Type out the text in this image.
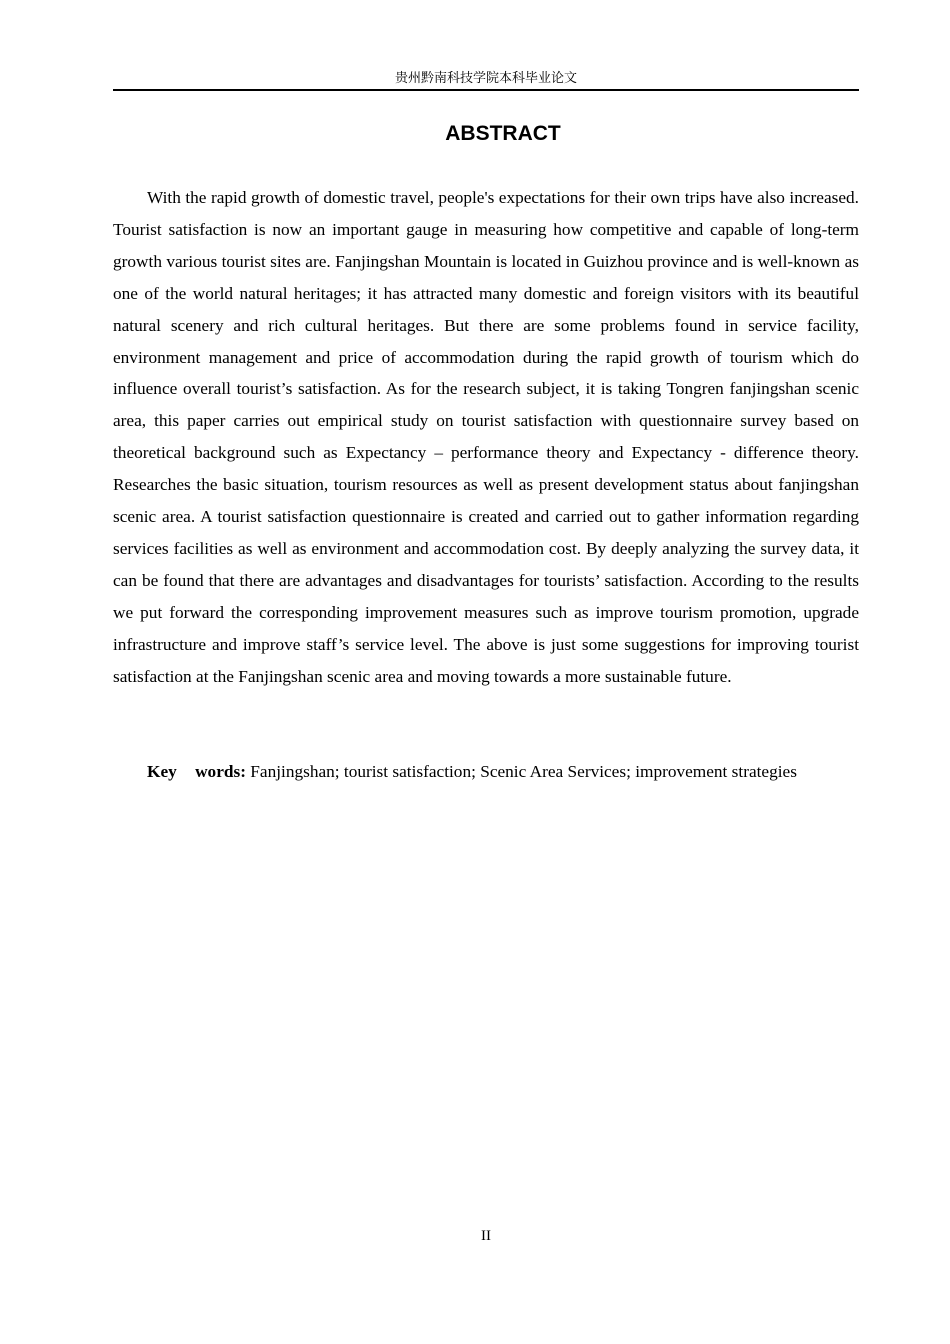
贵州黔南科技学院本科毕业论文
ABSTRACT

With the rapid growth of domestic travel, people's expectations for their own trips have also increased. Tourist satisfaction is now an important gauge in measuring how competitive and capable of long-term growth various tourist sites are. Fanjingshan Mountain is located in Guizhou province and is well-known as one of the world natural heritages; it has attracted many domestic and foreign visitors with its beautiful natural scenery and rich cultural heritages. But there are some problems found in service facility, environment management and price of accommodation during the rapid growth of tourism which do influence overall tourist’s satisfaction. As for the research subject, it is taking Tongren fanjingshan scenic area, this paper carries out empirical study on tourist satisfaction with questionnaire survey based on theoretical background such as Expectancy – performance theory and Expectancy - difference theory. Researches the basic situation, tourism resources as well as present development status about fanjingshan scenic area. A tourist satisfaction questionnaire is created and carried out to gather information regarding services facilities as well as environment and accommodation cost. By deeply analyzing the survey data, it can be found that there are advantages and disadvantages for tourists’ satisfaction. According to the results we put forward the corresponding improvement measures such as improve tourism promotion, upgrade infrastructure and improve staff’s service level. The above is just some suggestions for improving tourist satisfaction at the Fanjingshan scenic area and moving towards a more sustainable future.

Key words: Fanjingshan; tourist satisfaction; Scenic Area Services; improvement strategies

II
